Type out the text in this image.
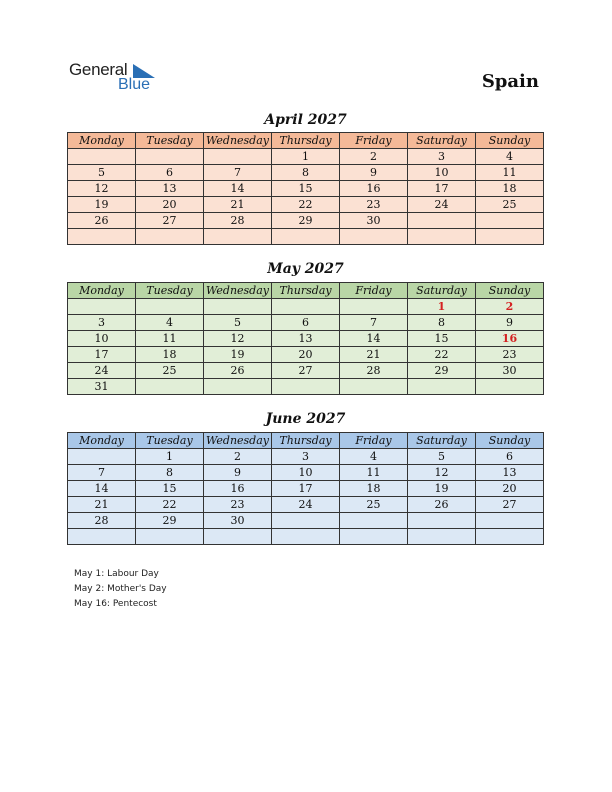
General
Blue	Spain
April 2027
Monday	Tuesday	Wednesday	Thursday	Friday	Saturday	Sunday
			1	2	3	4
5	6	7	8	9	10	11
12	13	14	15	16	17	18
19	20	21	22	23	24	25
26	27	28	29	30		

May 2027
Monday	Tuesday	Wednesday	Thursday	Friday	Saturday	Sunday
					1	2
3	4	5	6	7	8	9
10	11	12	13	14	15	16
17	18	19	20	21	22	23
24	25	26	27	28	29	30
31						
June 2027
Monday	Tuesday	Wednesday	Thursday	Friday	Saturday	Sunday
	1	2	3	4	5	6
7	8	9	10	11	12	13
14	15	16	17	18	19	20
21	22	23	24	25	26	27
28	29	30				

May 1: Labour Day
May 2: Mother's Day
May 16: Pentecost
